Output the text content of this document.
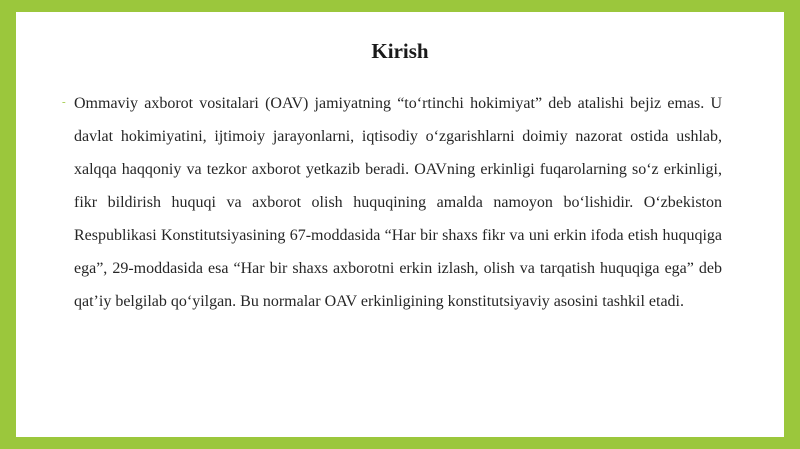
Kirish
- Ommaviy axborot vositalari (OAV) jamiyatning “to‘rtinchi hokimiyat” deb atalishi bejiz emas. U davlat hokimiyatini, ijtimoiy jarayonlarni, iqtisodiy o‘zgarishlarni doimiy nazorat ostida ushlab, xalqqa haqqoniy va tezkor axborot yetkazib beradi. OAVning erkinligi fuqarolarning so‘z erkinligi, fikr bildirish huquqi va axborot olish huquqining amalda namoyon bo‘lishidir. O‘zbekiston Respublikasi Konstitutsiyasining 67-moddasida “Har bir shaxs fikr va uni erkin ifoda etish huquqiga ega”, 29-moddasida esa “Har bir shaxs axborotni erkin izlash, olish va tarqatish huquqiga ega” deb qat’iy belgilab qo‘yilgan. Bu normalar OAV erkinligining konstitutsiyaviy asosini tashkil etadi.
